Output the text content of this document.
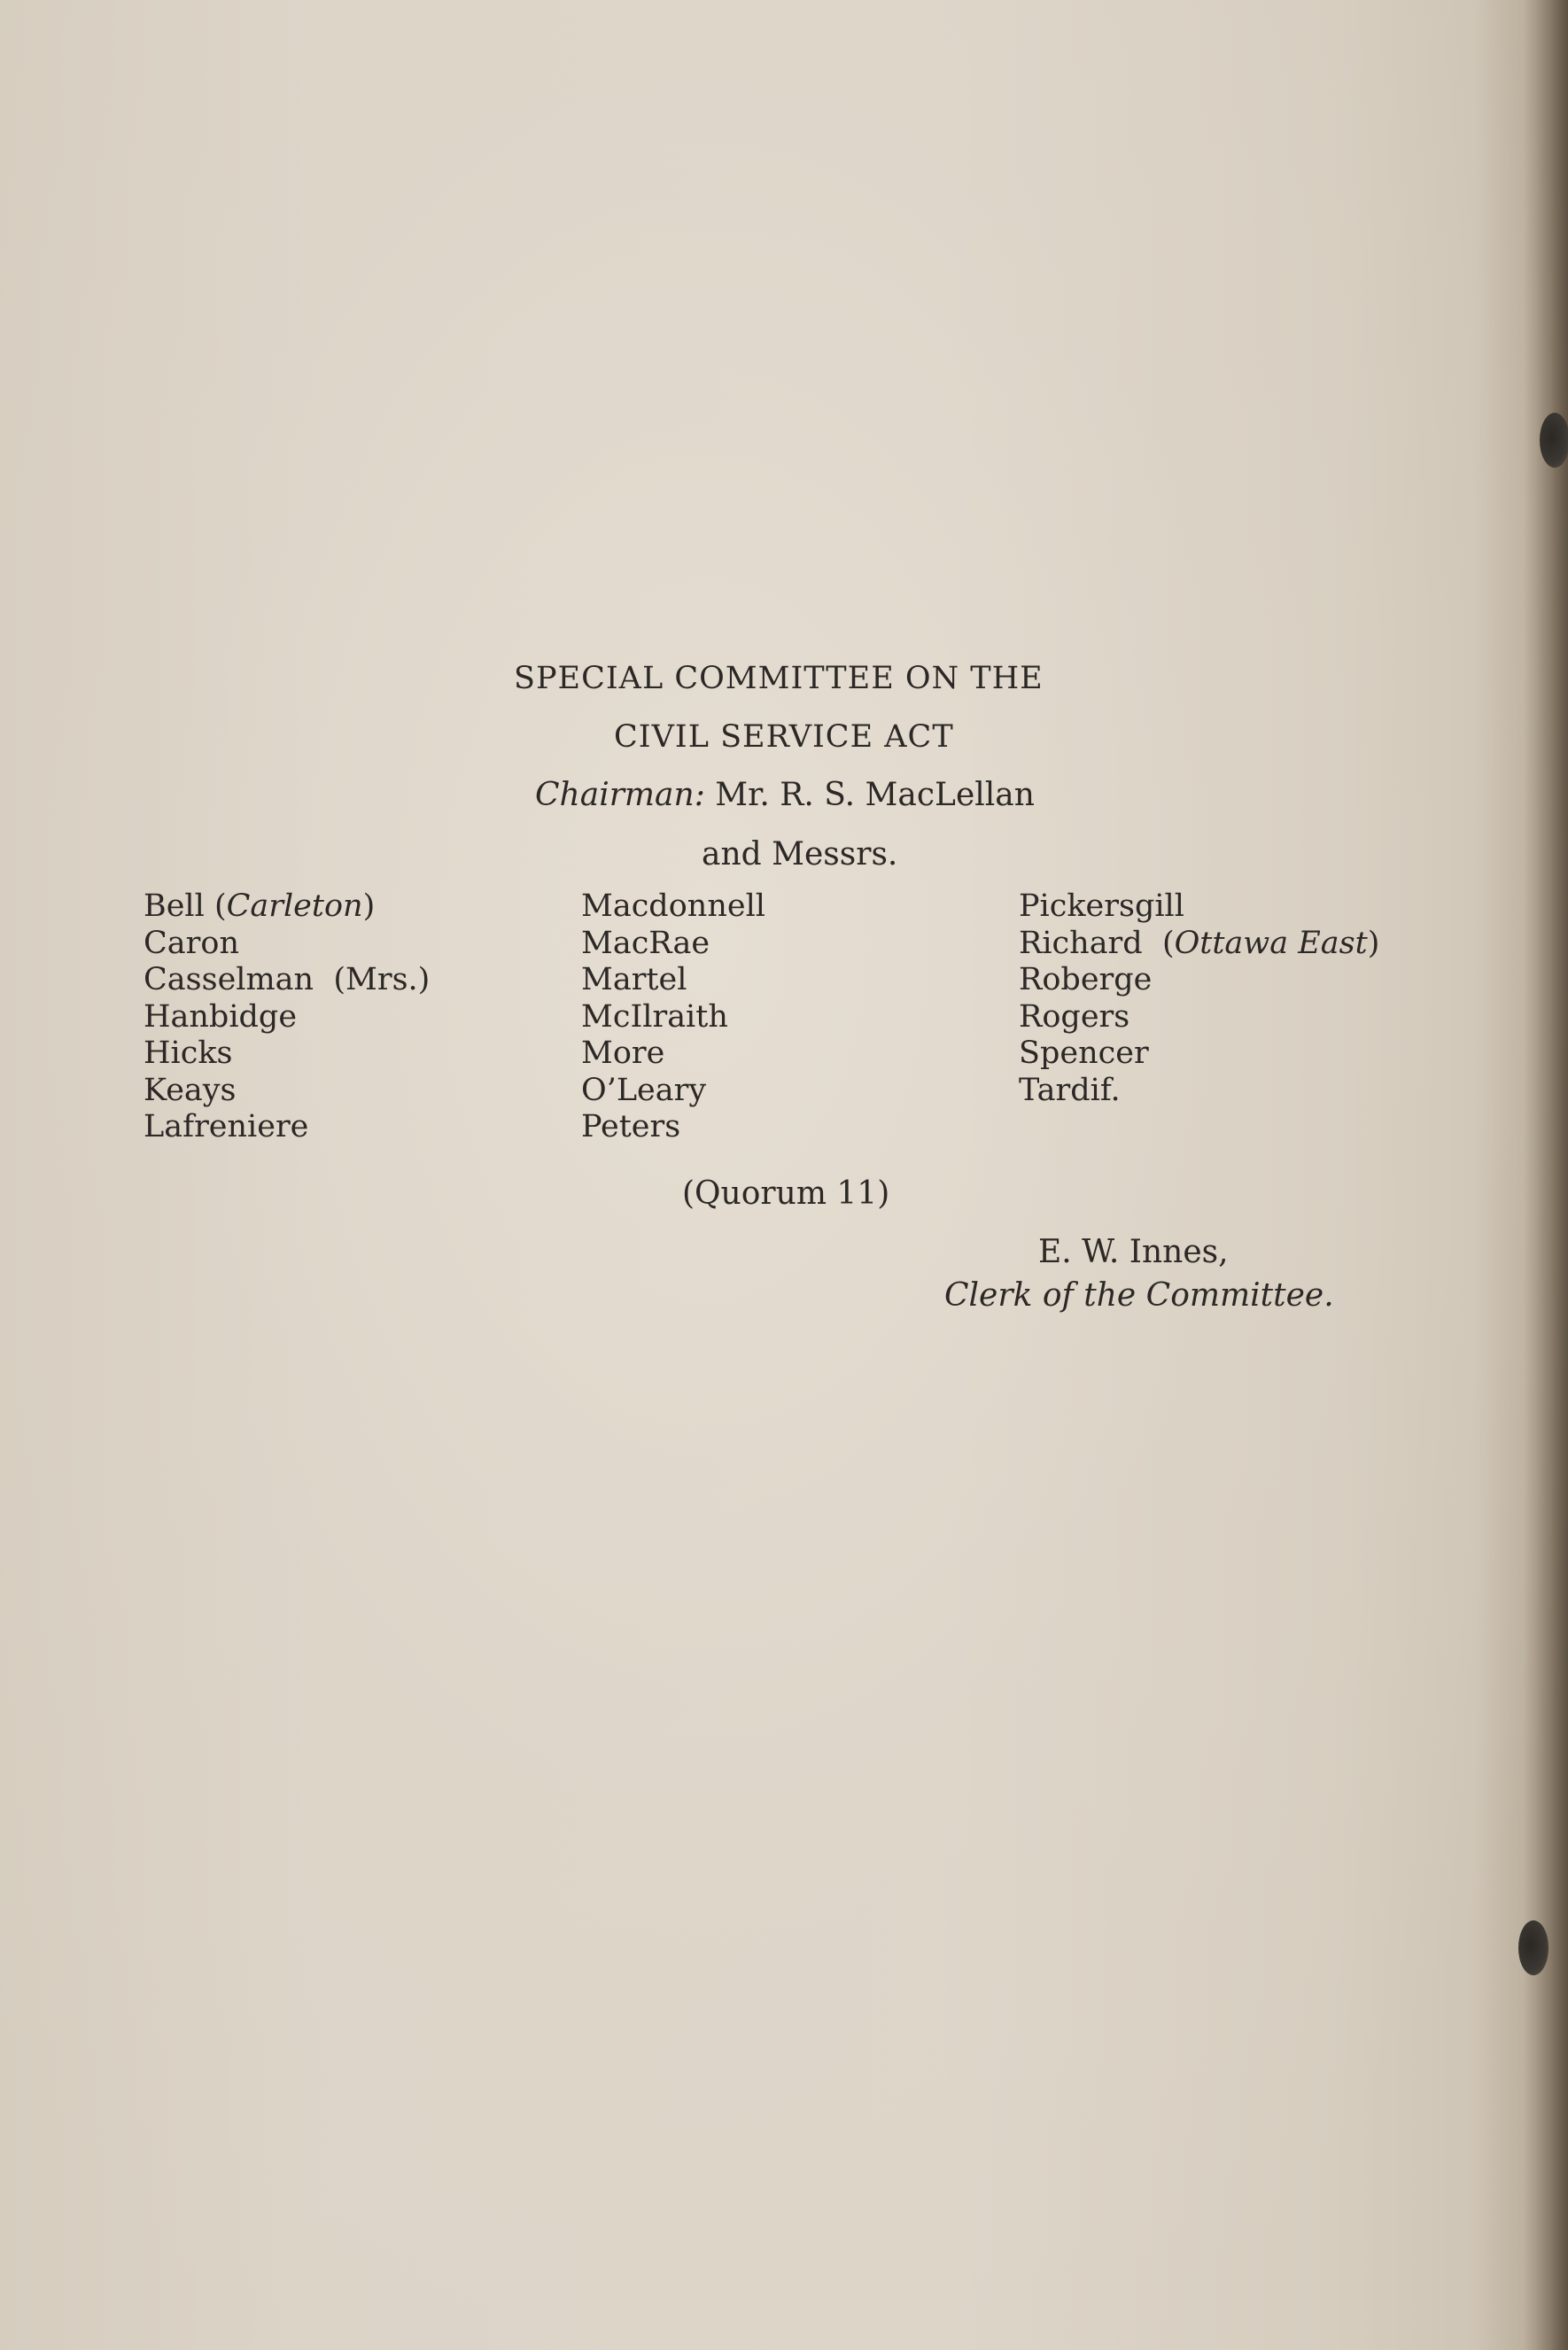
SPECIAL COMMITTEE ON THE
CIVIL SERVICE ACT
Chairman: Mr. R. S. MacLellan
and Messrs.
Bell (Carleton)
Caron
Casselman (Mrs.)
Hanbidge
Hicks
Keays
Lafreniere
Macdonnell
MacRae
Martel
McIlraith
More
O’Leary
Peters
Pickersgill
Richard  (Ottawa East)
Roberge
Rogers
Spencer
Tardif.
(Quorum 11)
E. W. Innes,
Clerk of the Committee.
